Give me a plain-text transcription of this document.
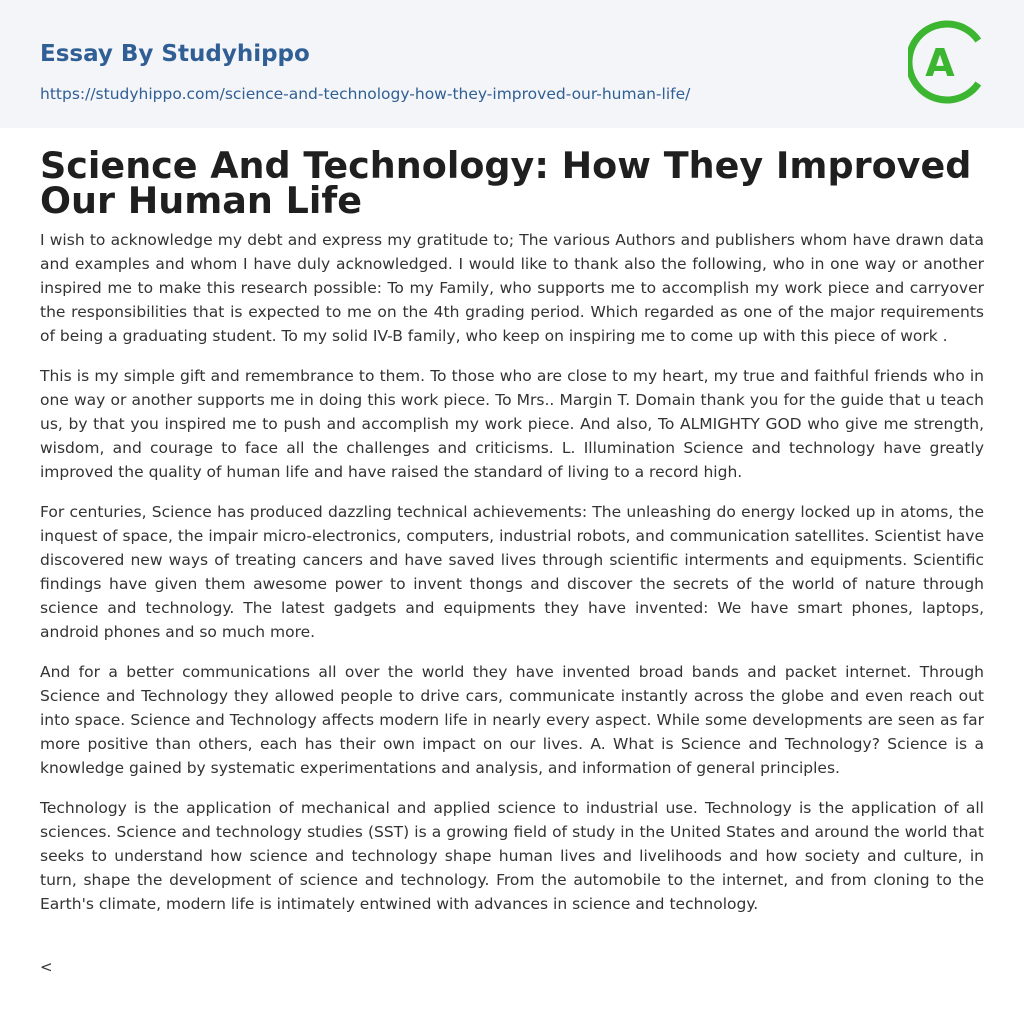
Essay By Studyhippo
https://studyhippo.com/science-and-technology-how-they-improved-our-human-life/
A
Science And Technology: How They Improved Our Human Life

I wish to acknowledge my debt and express my gratitude to; The various Authors and publishers whom have drawn data and examples and whom I have duly acknowledged. I would like to thank also the following, who in one way or another inspired me to make this research possible: To my Family, who supports me to accomplish my work piece and carryover the responsibilities that is expected to me on the 4th grading period. Which regarded as one of the major requirements of being a graduating student. To my solid IV-B family, who keep on inspiring me to come up with this piece of work .

This is my simple gift and remembrance to them. To those who are close to my heart, my true and faithful friends who in one way or another supports me in doing this work piece. To Mrs.. Margin T. Domain thank you for the guide that u teach us, by that you inspired me to push and accomplish my work piece. And also, To ALMIGHTY GOD who give me strength, wisdom, and courage to face all the challenges and criticisms. L. Illumination Science and technology have greatly improved the quality of human life and have raised the standard of living to a record high.

For centuries, Science has produced dazzling technical achievements: The unleashing do energy locked up in atoms, the inquest of space, the impair micro-electronics, computers, industrial robots, and communication satellites. Scientist have discovered new ways of treating cancers and have saved lives through scientific interments and equipments. Scientific findings have given them awesome power to invent thongs and discover the secrets of the world of nature through science and technology. The latest gadgets and equipments they have invented: We have smart phones, laptops, android phones and so much more.

And for a better communications all over the world they have invented broad bands and packet internet. Through Science and Technology they allowed people to drive cars, communicate instantly across the globe and even reach out into space. Science and Technology affects modern life in nearly every aspect. While some developments are seen as far more positive than others, each has their own impact on our lives. A. What is Science and Technology? Science is a knowledge gained by systematic experimentations and analysis, and information of general principles.

Technology is the application of mechanical and applied science to industrial use. Technology is the application of all sciences. Science and technology studies (SST) is a growing field of study in the United States and around the world that seeks to understand how science and technology shape human lives and livelihoods and how society and culture, in turn, shape the development of science and technology. From the automobile to the internet, and from cloning to the Earth's climate, modern life is intimately entwined with advances in science and technology.

<
